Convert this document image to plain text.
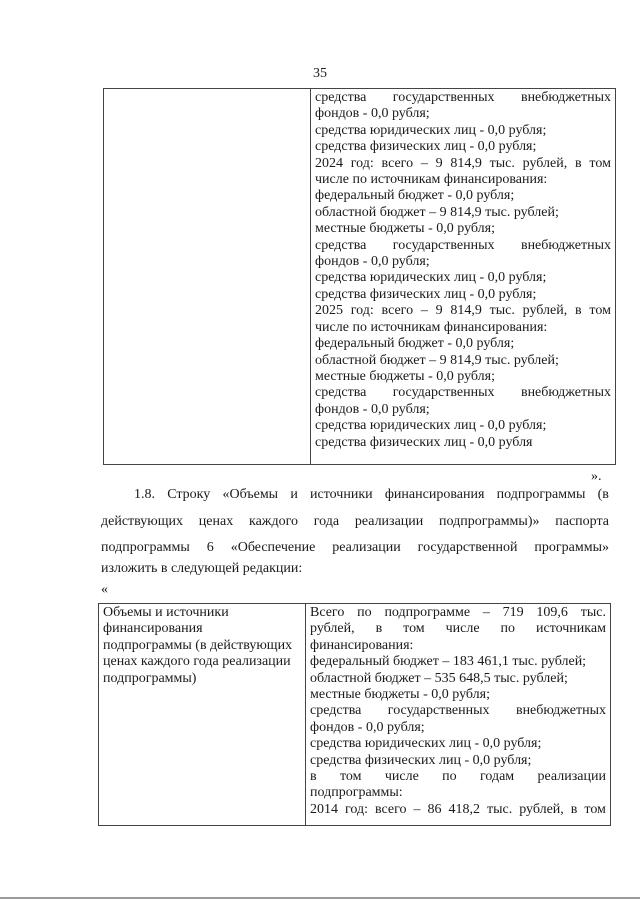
35

средства государственных внебюджетных
фондов - 0,0 рубля;
средства юридических лиц - 0,0 рубля;
средства физических лиц - 0,0 рубля;
2024 год: всего – 9 814,9 тыс. рублей, в том
числе по источникам финансирования:
федеральный бюджет - 0,0 рубля;
областной бюджет – 9 814,9 тыс. рублей;
местные бюджеты - 0,0 рубля;
средства государственных внебюджетных
фондов - 0,0 рубля;
средства юридических лиц - 0,0 рубля;
средства физических лиц - 0,0 рубля;
2025 год: всего – 9 814,9 тыс. рублей, в том
числе по источникам финансирования:
федеральный бюджет - 0,0 рубля;
областной бюджет – 9 814,9 тыс. рублей;
местные бюджеты - 0,0 рубля;
средства государственных внебюджетных
фондов - 0,0 рубля;
средства юридических лиц - 0,0 рубля;
средства физических лиц - 0,0 рубля
».
1.8. Строку «Объемы и источники финансирования подпрограммы (в
действующих ценах каждого года реализации подпрограммы)» паспорта
подпрограммы 6 «Обеспечение реализации государственной программы»
изложить в следующей редакции:
«
Объемы и источники
финансирования
подпрограммы (в действующих
ценах каждого года реализации
подпрограммы)

Всего по подпрограмме – 719 109,6 тыс.
рублей, в том числе по источникам
финансирования:
федеральный бюджет – 183 461,1 тыс. рублей;
областной бюджет – 535 648,5 тыс. рублей;
местные бюджеты - 0,0 рубля;
средства государственных внебюджетных
фондов - 0,0 рубля;
средства юридических лиц - 0,0 рубля;
средства физических лиц - 0,0 рубля;
в том числе по годам реализации
подпрограммы:
2014 год: всего – 86 418,2 тыс. рублей, в том
